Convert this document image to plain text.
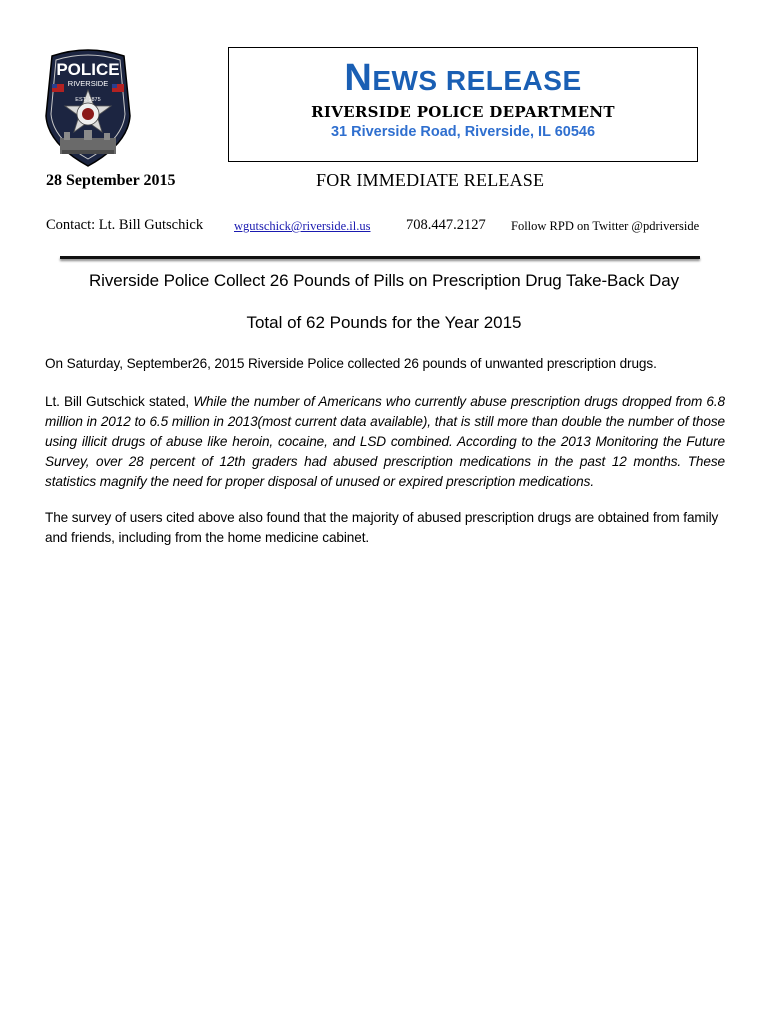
POLICE
RIVERSIDE
EST. 1875
NEWS RELEASE
RIVERSIDE POLICE DEPARTMENT
31 Riverside Road, Riverside, IL 60546
28 September 2015	FOR IMMEDIATE RELEASE
Contact: Lt. Bill Gutschick wgutschick@riverside.il.us 708.447.2127 Follow RPD on Twitter @pdriverside
Riverside Police Collect 26 Pounds of Pills on Prescription Drug Take-Back Day
Total of 62 Pounds for the Year 2015
On Saturday, September26, 2015 Riverside Police collected 26 pounds of unwanted prescription drugs.
Lt. Bill Gutschick stated, While the number of Americans who currently abuse prescription drugs dropped from 6.8 million in 2012 to 6.5 million in 2013(most current data available), that is still more than double the number of those using illicit drugs of abuse like heroin, cocaine, and LSD combined. According to the 2013 Monitoring the Future Survey, over 28 percent of 12th graders had abused prescription medications in the past 12 months. These statistics magnify the need for proper disposal of unused or expired prescription medications.
The survey of users cited above also found that the majority of abused prescription drugs are obtained from family and friends, including from the home medicine cabinet.
